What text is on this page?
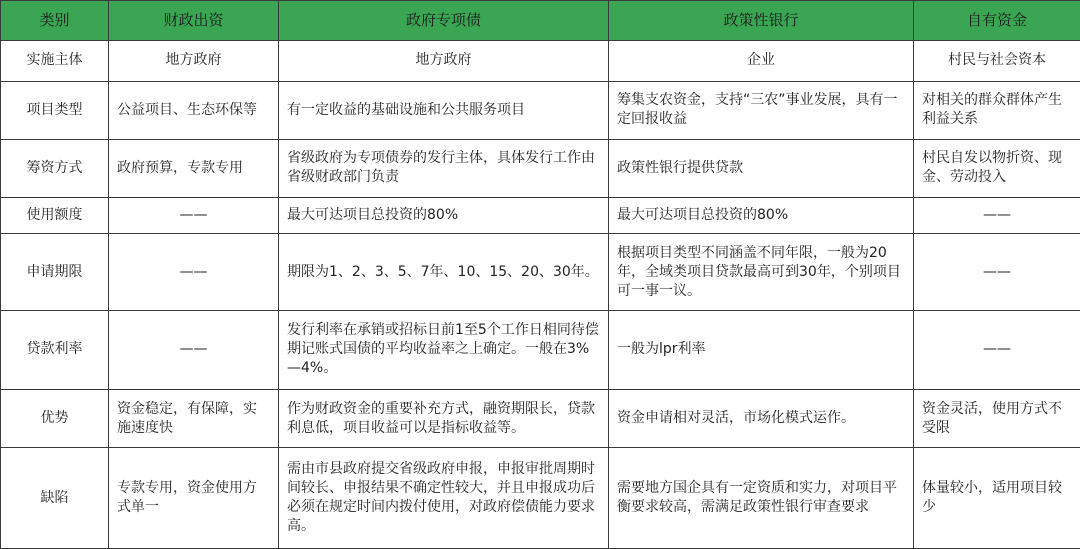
类别	财政出资	政府专项债	政策性银行	自有资金
实施主体	地方政府	地方政府	企业	村民与社会资本
项目类型	公益项目、生态环保等	有一定收益的基础设施和公共服务项目	筹集支农资金，支持“三农”事业发展，具有一定回报收益	对相关的群众群体产生利益关系
筹资方式	政府预算，专款专用	省级政府为专项债券的发行主体，具体发行工作由省级财政部门负责	政策性银行提供贷款	村民自发以物折资、现金、劳动投入
使用额度	——	最大可达项目总投资的80%	最大可达项目总投资的80%	——
申请期限	——	期限为1、2、3、5、7年、10、15、20、30年。	根据项目类型不同涵盖不同年限，一般为20年，全域类项目贷款最高可到30年，个别项目可一事一议。	——
贷款利率	——	发行利率在承销或招标日前1至5个工作日相同待偿期记账式国债的平均收益率之上确定。一般在3%—4%。	一般为lpr利率	——
优势	资金稳定，有保障，实施速度快	作为财政资金的重要补充方式，融资期限长，贷款利息低，项目收益可以是指标收益等。	资金申请相对灵活，市场化模式运作。	资金灵活，使用方式不受限
缺陷	专款专用，资金使用方式单一	需由市县政府提交省级政府申报，申报审批周期时间较长、申报结果不确定性较大，并且申报成功后必须在规定时间内拨付使用，对政府偿债能力要求高。	需要地方国企具有一定资质和实力，对项目平衡要求较高，需满足政策性银行审查要求	体量较小，适用项目较少
